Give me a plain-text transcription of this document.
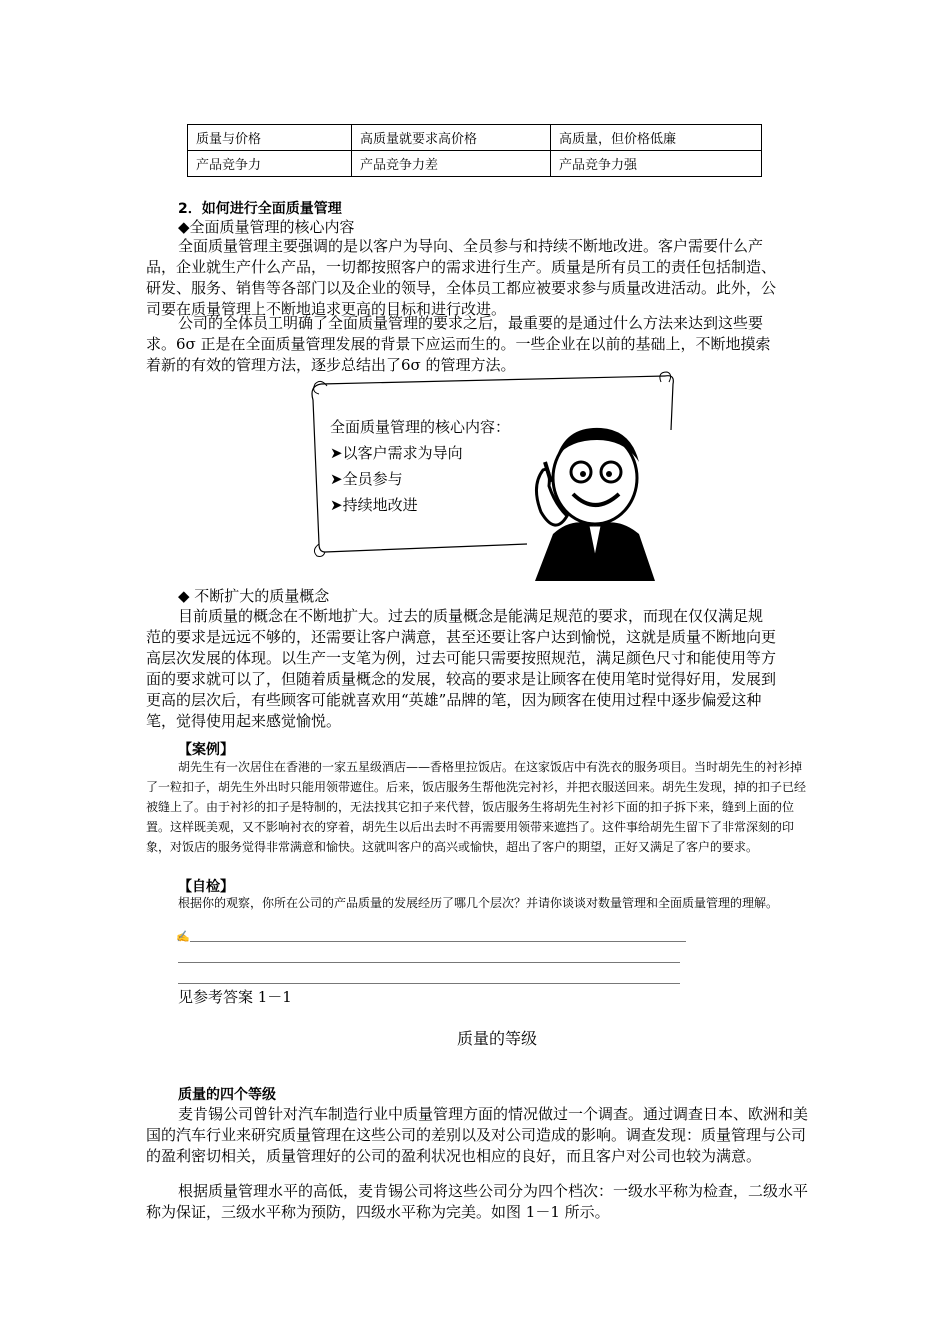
质量与价格	高质量就要求高价格	高质量，但价格低廉
产品竞争力	产品竞争力差	产品竞争力强
2．如何进行全面质量管理
◆全面质量管理的核心内容
全面质量管理主要强调的是以客户为导向、全员参与和持续不断地改进。客户需要什么产品，企业就生产什么产品，一切都按照客户的需求进行生产。质量是所有员工的责任包括制造、研发、服务、销售等各部门以及企业的领导，全体员工都应被要求参与质量改进活动。此外，公司要在质量管理上不断地追求更高的目标和进行改进。
公司的全体员工明确了全面质量管理的要求之后，最重要的是通过什么方法来达到这些要求。6σ 正是在全面质量管理发展的背景下应运而生的。一些企业在以前的基础上，不断地摸索着新的有效的管理方法，逐步总结出了6σ 的管理方法。
全面质量管理的核心内容：
➤以客户需求为导向
➤全员参与
➤持续地改进
◆ 不断扩大的质量概念
目前质量的概念在不断地扩大。过去的质量概念是能满足规范的要求，而现在仅仅满足规范的要求是远远不够的，还需要让客户满意，甚至还要让客户达到愉悦，这就是质量不断地向更高层次发展的体现。以生产一支笔为例，过去可能只需要按照规范，满足颜色尺寸和能使用等方面的要求就可以了，但随着质量概念的发展，较高的要求是让顾客在使用笔时觉得好用，发展到更高的层次后，有些顾客可能就喜欢用“英雄”品牌的笔，因为顾客在使用过程中逐步偏爱这种笔，觉得使用起来感觉愉悦。
【案例】
胡先生有一次居住在香港的一家五星级酒店——香格里拉饭店。在这家饭店中有洗衣的服务项目。当时胡先生的衬衫掉了一粒扣子，胡先生外出时只能用领带遮住。后来，饭店服务生帮他洗完衬衫，并把衣服送回来。胡先生发现，掉的扣子已经被缝上了。由于衬衫的扣子是特制的，无法找其它扣子来代替，饭店服务生将胡先生衬衫下面的扣子拆下来，缝到上面的位置。这样既美观，又不影响衬衣的穿着，胡先生以后出去时不再需要用领带来遮挡了。这件事给胡先生留下了非常深刻的印象，对饭店的服务觉得非常满意和愉快。这就叫客户的高兴或愉快，超出了客户的期望，正好又满足了客户的要求。
【自检】
根据你的观察，你所在公司的产品质量的发展经历了哪几个层次？并请你谈谈对数量管理和全面质量管理的理解。
✍
见参考答案 1－1
质量的等级
质量的四个等级
麦肯锡公司曾针对汽车制造行业中质量管理方面的情况做过一个调查。通过调查日本、欧洲和美国的汽车行业来研究质量管理在这些公司的差别以及对公司造成的影响。调查发现：质量管理与公司的盈利密切相关，质量管理好的公司的盈利状况也相应的良好，而且客户对公司也较为满意。
根据质量管理水平的高低，麦肯锡公司将这些公司分为四个档次：一级水平称为检查，二级水平称为保证，三级水平称为预防，四级水平称为完美。如图 1－1 所示。
